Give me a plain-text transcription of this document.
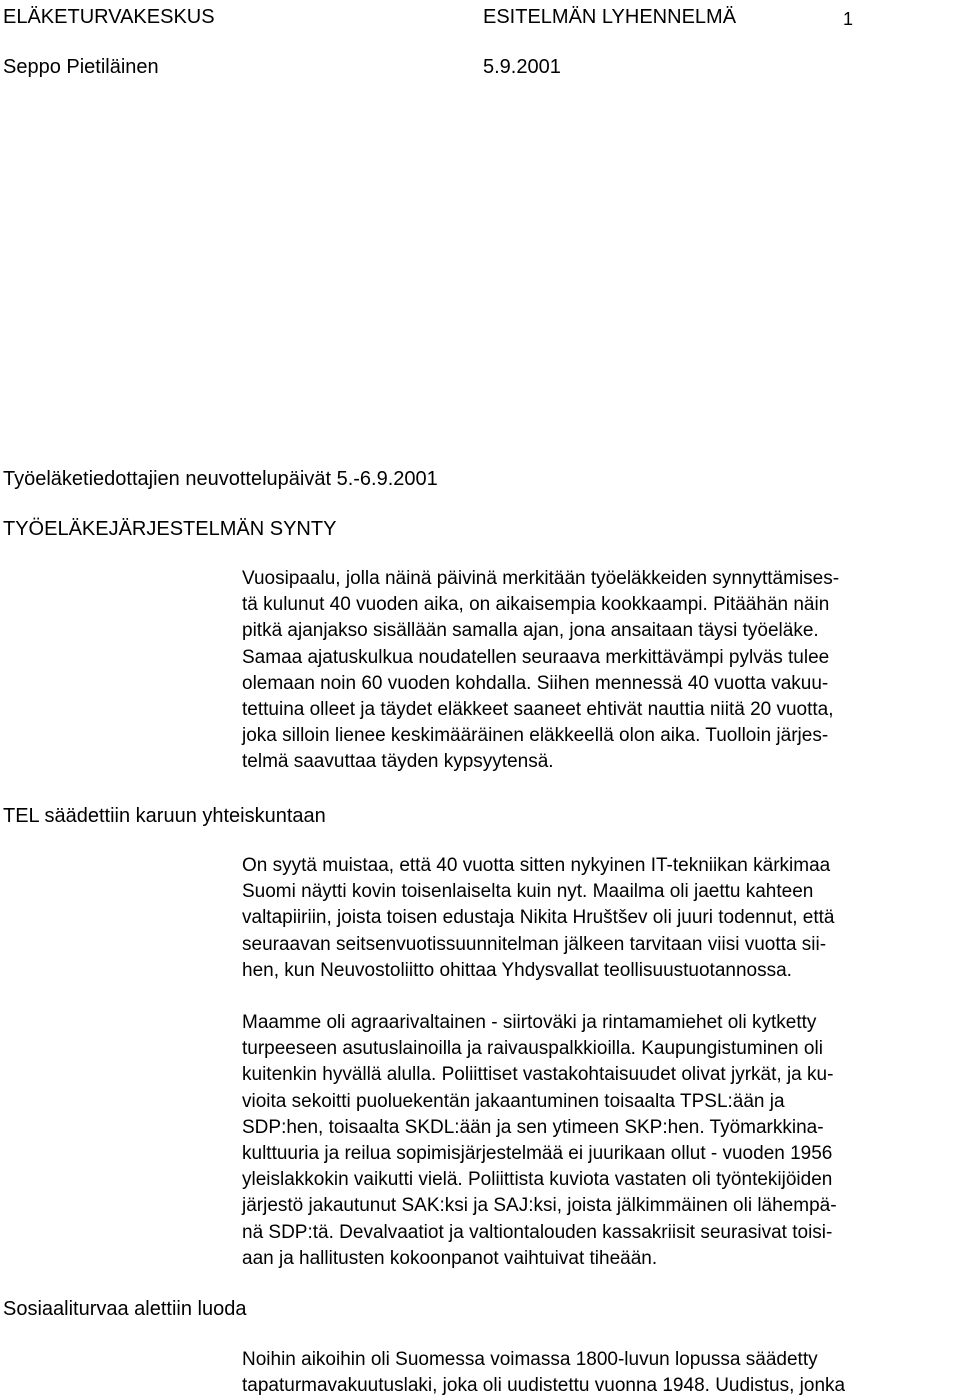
ELÄKETURVAKESKUS	ESITELMÄN LYHENNELMÄ	1
Seppo Pietiläinen	5.9.2001
Työeläketiedottajien neuvottelupäivät 5.-6.9.2001
TYÖELÄKEJÄRJESTELMÄN SYNTY
TEL säädettiin karuun yhteiskuntaan
Sosiaaliturvaa alettiin luoda
Vuosipaalu, jolla näinä päivinä merkitään työeläkkeiden synnyttämises-
tä kulunut 40 vuoden aika, on aikaisempia kookkaampi. Pitäähän näin
pitkä ajanjakso sisällään samalla ajan, jona ansaitaan täysi työeläke.
Samaa ajatuskulkua noudatellen seuraava merkittävämpi pylväs tulee
olemaan noin 60 vuoden kohdalla. Siihen mennessä 40 vuotta vakuu-
tettuina olleet ja täydet eläkkeet saaneet ehtivät nauttia niitä 20 vuotta,
joka silloin lienee keskimääräinen eläkkeellä olon aika. Tuolloin järjes-
telmä saavuttaa täyden kypsyytensä.
On syytä muistaa, että 40 vuotta sitten nykyinen IT-tekniikan kärkimaa
Suomi näytti kovin toisenlaiselta kuin nyt. Maailma oli jaettu kahteen
valtapiiriin, joista toisen edustaja Nikita Hruštšev oli juuri todennut, että
seuraavan seitsenvuotissuunnitelman jälkeen tarvitaan viisi vuotta sii-
hen, kun Neuvostoliitto ohittaa Yhdysvallat teollisuustuotannossa.
Maamme oli agraarivaltainen - siirtoväki ja rintamamiehet oli kytketty
turpeeseen asutuslainoilla ja raivauspalkkioilla. Kaupungistuminen oli
kuitenkin hyvällä alulla. Poliittiset vastakohtaisuudet olivat jyrkät, ja ku-
vioita sekoitti puoluekentän jakaantuminen toisaalta TPSL:ään ja
SDP:hen, toisaalta SKDL:ään ja sen ytimeen SKP:hen. Työmarkkina-
kulttuuria ja reilua sopimisjärjestelmää ei juurikaan ollut - vuoden 1956
yleislakkokin vaikutti vielä. Poliittista kuviota vastaten oli työntekijöiden
järjestö jakautunut SAK:ksi ja SAJ:ksi, joista jälkimmäinen oli lähempä-
nä SDP:tä. Devalvaatiot ja valtiontalouden kassakriisit seurasivat toisi-
aan ja hallitusten kokoonpanot vaihtuivat tiheään.
Noihin aikoihin oli Suomessa voimassa 1800-luvun lopussa säädetty
tapaturmavakuutuslaki, joka oli uudistettu vuonna 1948. Uudistus, jonka
